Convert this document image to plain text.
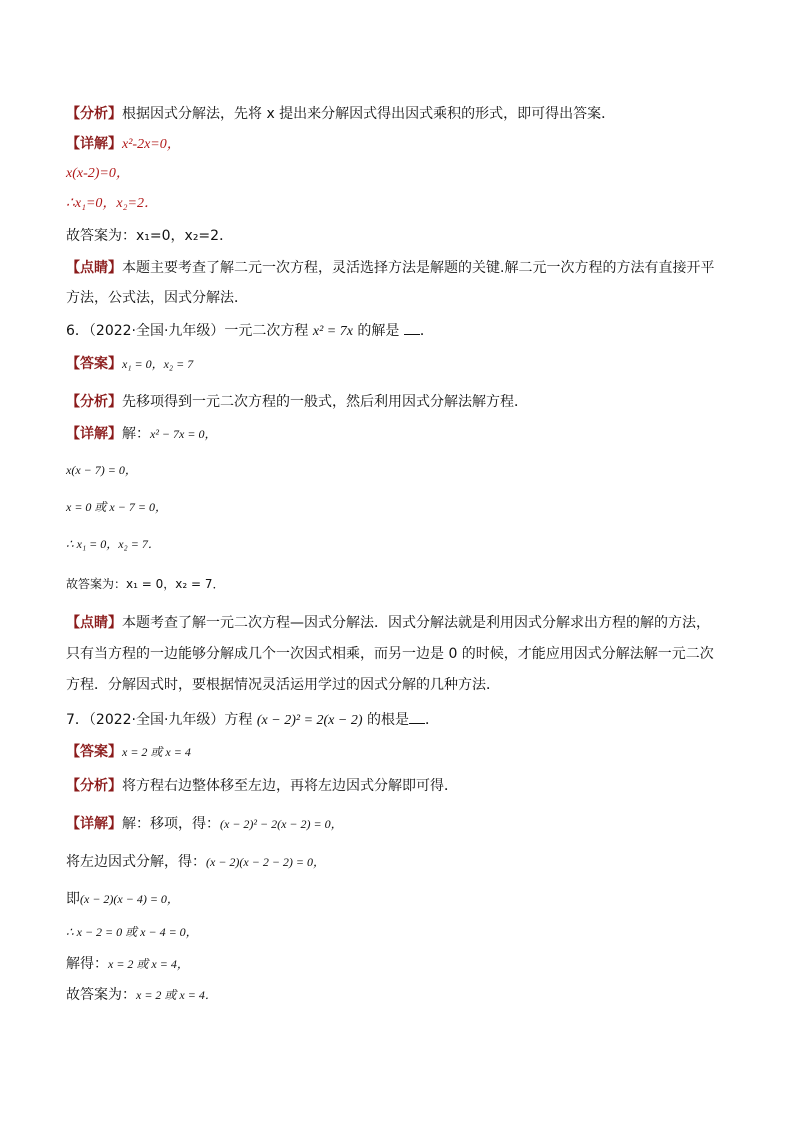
【分析】根据因式分解法，先将 x 提出来分解因式得出因式乘积的形式，即可得出答案．
【详解】x²-2x=0，
x(x-2)=0，
∴x₁=0，x₂=2．
故答案为：x₁=0，x₂=2．
【点睛】本题主要考查了解二元一次方程，灵活选择方法是解题的关键.解二元一次方程的方法有直接开平
方法，公式法，因式分解法．
6．（2022·全国·九年级）一元二次方程 x² = 7x 的解是 ．
【答案】x₁ = 0，x₂ = 7
【分析】先移项得到一元二次方程的一般式，然后利用因式分解法解方程．
【详解】解：x² − 7x = 0，
x(x − 7) = 0，
x = 0 或 x − 7 = 0，
∴ x₁ = 0，x₂ = 7．
故答案为：x₁ = 0，x₂ = 7．
【点睛】本题考查了解一元二次方程—因式分解法．因式分解法就是利用因式分解求出方程的解的方法，
只有当方程的一边能够分解成几个一次因式相乘，而另一边是 0 的时候，才能应用因式分解法解一元二次
方程．分解因式时，要根据情况灵活运用学过的因式分解的几种方法．
7．（2022·全国·九年级）方程 (x − 2)² = 2(x − 2) 的根是 ．
【答案】x = 2 或 x = 4
【分析】将方程右边整体移至左边，再将左边因式分解即可得．
【详解】解：移项，得：(x − 2)² − 2(x − 2) = 0，
将左边因式分解，得：(x − 2)(x − 2 − 2) = 0，
即(x − 2)(x − 4) = 0，
∴ x − 2 = 0 或 x − 4 = 0，
解得：x = 2 或 x = 4，
故答案为：x = 2 或 x = 4．
